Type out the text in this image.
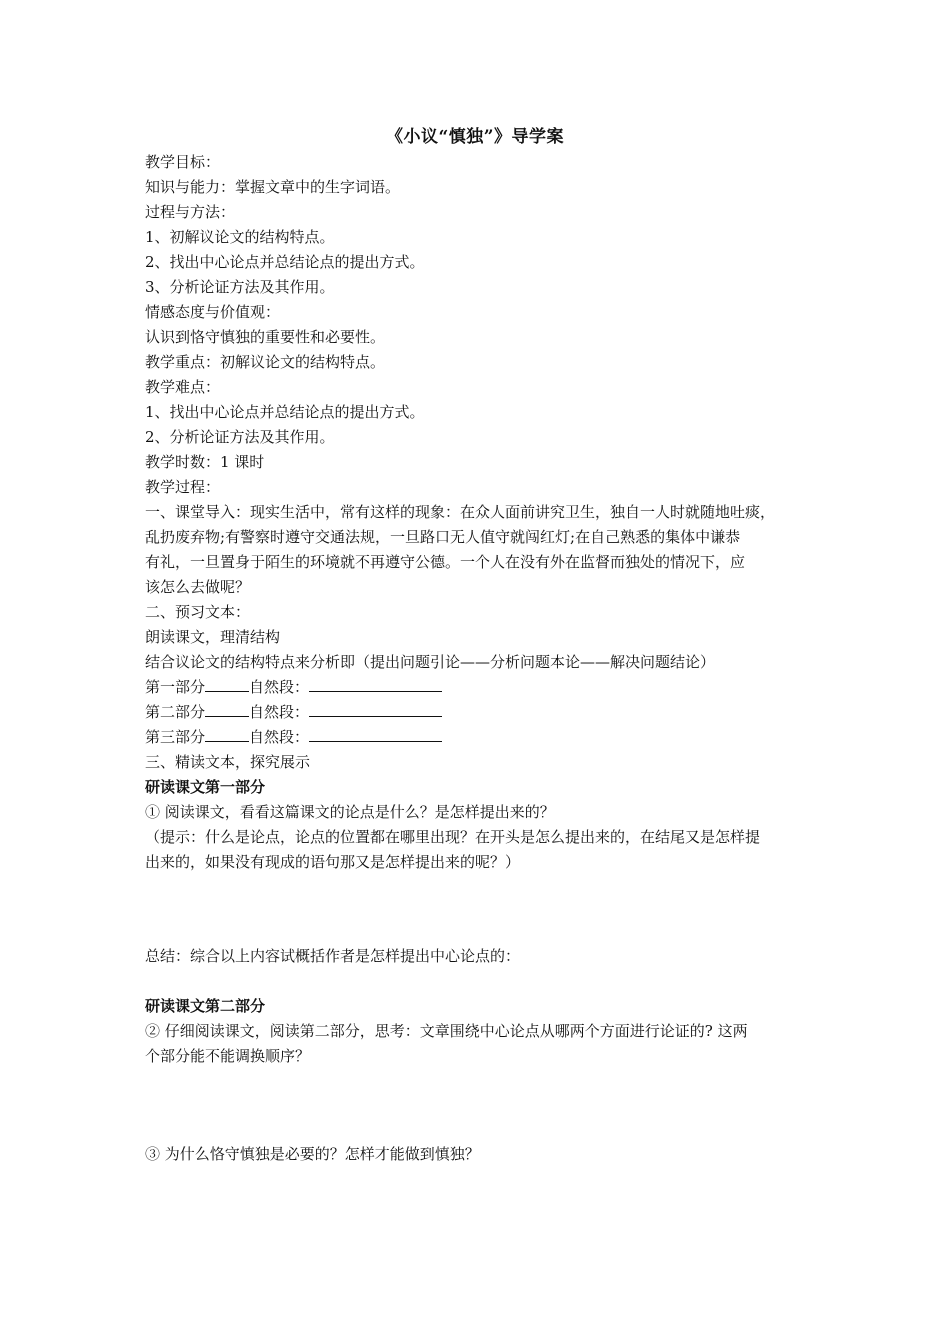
《小议“慎独”》导学案
教学目标：
知识与能力：掌握文章中的生字词语。
过程与方法：
1、初解议论文的结构特点。
2、找出中心论点并总结论点的提出方式。
3、分析论证方法及其作用。
情感态度与价值观：
认识到恪守慎独的重要性和必要性。
教学重点：初解议论文的结构特点。
教学难点：
1、找出中心论点并总结论点的提出方式。
2、分析论证方法及其作用。
教学时数：1 课时
教学过程：
一、课堂导入：现实生活中，常有这样的现象：在众人面前讲究卫生，独自一人时就随地吐痰，
乱扔废弃物;有警察时遵守交通法规，一旦路口无人值守就闯红灯;在自己熟悉的集体中谦恭
有礼，一旦置身于陌生的环境就不再遵守公德。一个人在没有外在监督而独处的情况下，应
该怎么去做呢？
二、预习文本：
朗读课文，理清结构
结合议论文的结构特点来分析即（提出问题引论——分析问题本论——解决问题结论）
第一部分	自然段：
第二部分	自然段：
第三部分	自然段：
三、精读文本，探究展示
研读课文第一部分
① 阅读课文，看看这篇课文的论点是什么？是怎样提出来的？
（提示：什么是论点，论点的位置都在哪里出现？在开头是怎么提出来的，在结尾又是怎样提
出来的，如果没有现成的语句那又是怎样提出来的呢？）
总结：综合以上内容试概括作者是怎样提出中心论点的：
研读课文第二部分
② 仔细阅读课文，阅读第二部分，思考：文章围绕中心论点从哪两个方面进行论证的? 这两
个部分能不能调换顺序？
③ 为什么恪守慎独是必要的？怎样才能做到慎独？
